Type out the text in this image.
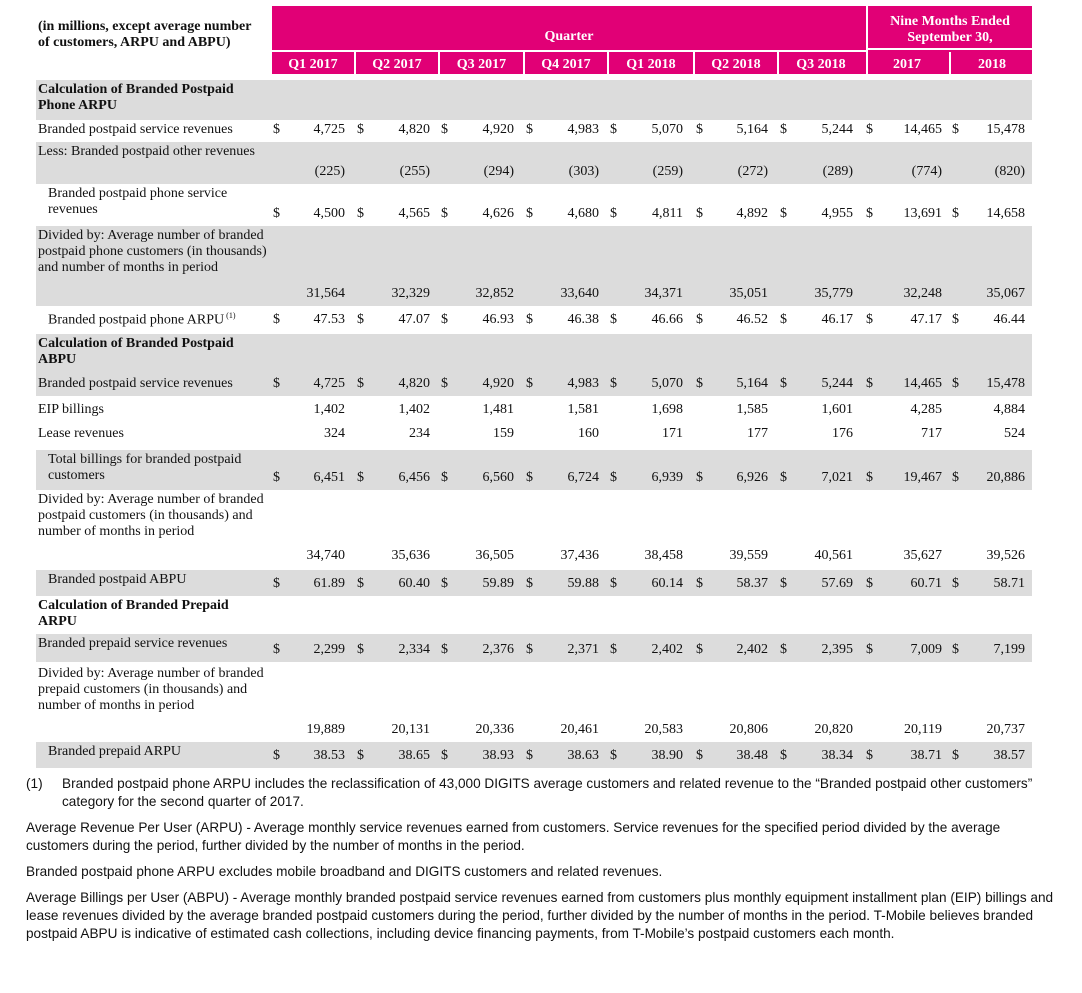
(in millions, except average number of customers, ARPU and ABPU)	Quarter
Nine Months Ended September 30,
Q1 2017	Q2 2017	Q3 2017	Q4 2017	Q1 2018	Q2 2018	Q3 2018	2017	2018
Calculation of Branded Postpaid Phone ARPU
Branded postpaid service revenues	$	4,725 $	4,820 $	4,920 $	4,983 $	5,070 $	5,164 $	5,244 $	14,465 $	15,478
Less: Branded postpaid other revenues
(225)	(255)	(294)	(303)	(259)	(272)	(289)	(774)	(820)
Branded postpaid phone service revenues	$	4,500 $	4,565 $	4,626 $	4,680 $	4,811 $	4,892 $	4,955 $	13,691 $	14,658
Divided by: Average number of branded postpaid phone customers (in thousands) and number of months in period
31,564	32,329	32,852	33,640	34,371	35,051	35,779	32,248	35,067
Branded postpaid phone ARPU $^{(1)}$	$	47.53 $	47.07 $	46.93 $	46.38 $	46.66 $	46.52 $	46.17 $	47.17 $	46.44
Calculation of Branded Postpaid ABPU
Branded postpaid service revenues	$	4,725 $	4,820 $	4,920 $	4,983 $	5,070 $	5,164 $	5,244 $	14,465 $	15,478
EIP billings	1,402	1,402	1,481	1,581	1,698	1,585	1,601	4,285	4,884
Lease revenues	324	234	159	160	171	177	176	717	524
Total billings for branded postpaid customers	$	6,451 $	6,456 $	6,560 $	6,724 $	6,939 $	6,926 $	7,021 $	19,467 $	20,886
Divided by: Average number of branded postpaid customers (in thousands) and number of months in period
34,740	35,636	36,505	37,436	38,458	39,559	40,561	35,627	39,526
Branded postpaid ABPU	$	61.89 $	60.40 $	59.89 $	59.88 $	60.14 $	58.37 $	57.69 $	60.71 $	58.71
Calculation of Branded Prepaid ARPU
Branded prepaid service revenues	$	2,299 $	2,334 $	2,376 $	2,371 $	2,402 $	2,402 $	2,395 $	7,009 $	7,199
Divided by: Average number of branded prepaid customers (in thousands) and number of months in period
19,889	20,131	20,336	20,461	20,583	20,806	20,820	20,119	20,737
Branded prepaid ARPU	$	38.53 $	38.65 $	38.93 $	38.63 $	38.90 $	38.48 $	38.34 $	38.71 $	38.57

(1)	Branded postpaid phone ARPU includes the reclassification of 43,000 DIGITS average customers and related revenue to the “Branded postpaid other customers” category for the second quarter of 2017.

Average Revenue Per User (ARPU) - Average monthly service revenues earned from customers. Service revenues for the specified period divided by the average customers during the period, further divided by the number of months in the period.

Branded postpaid phone ARPU excludes mobile broadband and DIGITS customers and related revenues.

Average Billings per User (ABPU) - Average monthly branded postpaid service revenues earned from customers plus monthly equipment installment plan (EIP) billings and lease revenues divided by the average branded postpaid customers during the period, further divided by the number of months in the period. T-Mobile believes branded postpaid ABPU is indicative of estimated cash collections, including device financing payments, from T-Mobile’s postpaid customers each month.
